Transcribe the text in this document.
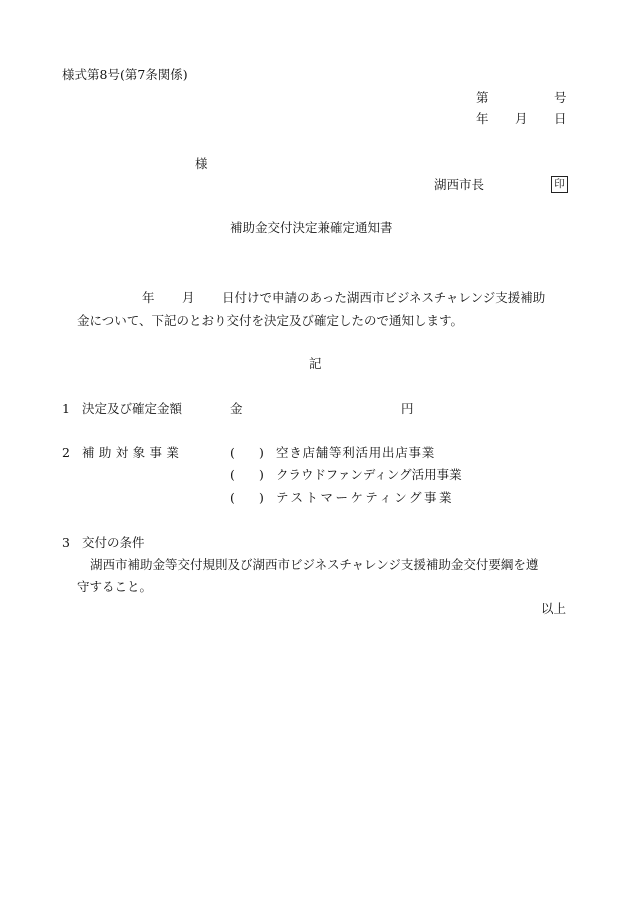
様式第8号(第7条関係)
第	号
年 月 日
様
湖西市長	印
補助金交付決定兼確定通知書
年 月 日付けで申請のあった湖西市ビジネスチャレンジ支援補助
金について、下記のとおり交付を決定及び確定したので通知します。
記
1 決定及び確定金額	金	円
2 補助対象事業	( ) 空き店舗等利活用出店事業
( ) クラウドファンディング活用事業
( ) テストマーケティング事業
3 交付の条件
湖西市補助金等交付規則及び湖西市ビジネスチャレンジ支援補助金交付要綱を遵
守すること。
以上
